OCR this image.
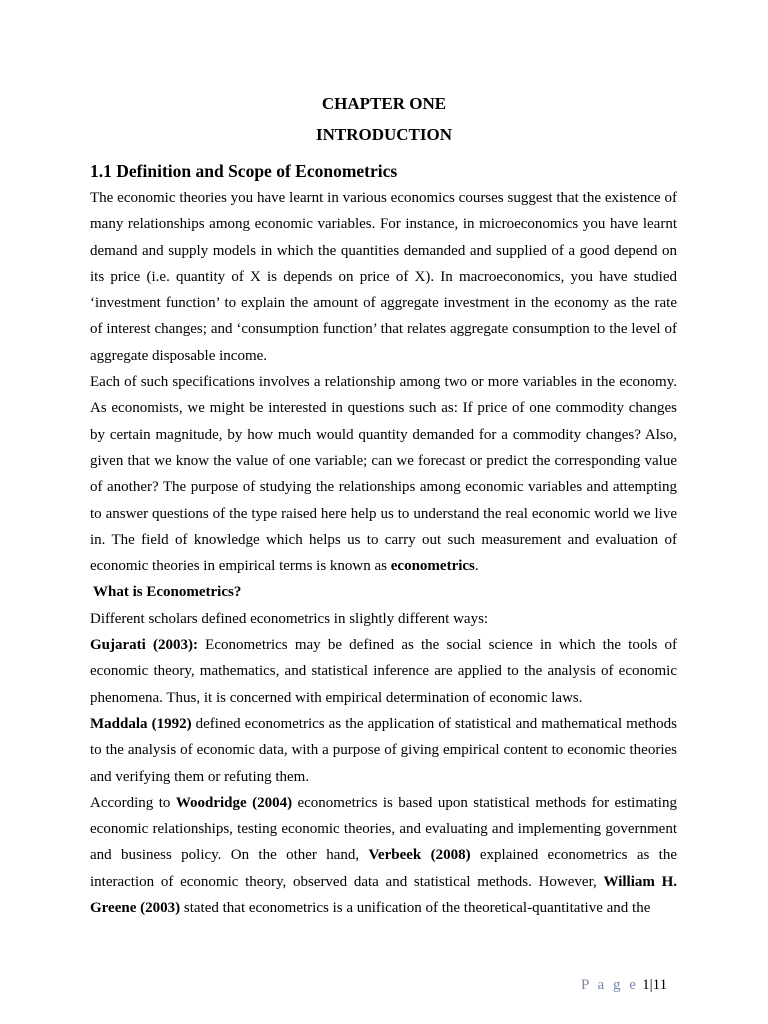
CHAPTER ONE
INTRODUCTION
1.1 Definition and Scope of Econometrics

The economic theories you have learnt in various economics courses suggest that the existence of many relationships among economic variables. For instance, in microeconomics you have learnt demand and supply models in which the quantities demanded and supplied of a good depend on its price (i.e. quantity of X is depends on price of X). In macroeconomics, you have studied ‘investment function’ to explain the amount of aggregate investment in the economy as the rate of interest changes; and ‘consumption function’ that relates aggregate consumption to the level of aggregate disposable income.

Each of such specifications involves a relationship among two or more variables in the economy. As economists, we might be interested in questions such as: If price of one commodity changes by certain magnitude, by how much would quantity demanded for a commodity changes? Also, given that we know the value of one variable; can we forecast or predict the corresponding value of another? The purpose of studying the relationships among economic variables and attempting to answer questions of the type raised here help us to understand the real economic world we live in. The field of knowledge which helps us to carry out such measurement and evaluation of economic theories in empirical terms is known as econometrics.

What is Econometrics?

Different scholars defined econometrics in slightly different ways:

Gujarati (2003): Econometrics may be defined as the social science in which the tools of economic theory, mathematics, and statistical inference are applied to the analysis of economic phenomena. Thus, it is concerned with empirical determination of economic laws.

Maddala (1992) defined econometrics as the application of statistical and mathematical methods to the analysis of economic data, with a purpose of giving empirical content to economic theories and verifying them or refuting them.

According to Woodridge (2004) econometrics is based upon statistical methods for estimating economic relationships, testing economic theories, and evaluating and implementing government and business policy. On the other hand, Verbeek (2008) explained econometrics as the interaction of economic theory, observed data and statistical methods. However, William H. Greene (2003) stated that econometrics is a unification of the theoretical-quantitative and the

P a g e 1|11
